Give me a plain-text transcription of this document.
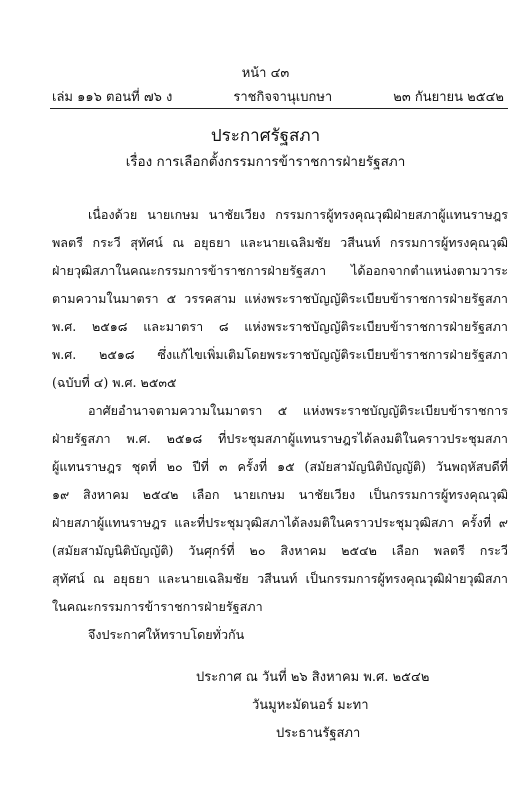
หน้า ๔๓
เล่ม ๑๑๖ ตอนที่ ๗๖ ง	ราชกิจจานุเบกษา	๒๓ กันยายน ๒๕๔๒
ประกาศรัฐสภา
เรื่อง การเลือกตั้งกรรมการข้าราชการฝ่ายรัฐสภา
เนื่องด้วย นายเกษม นาชัยเวียง กรรมการผู้ทรงคุณวุฒิฝ่ายสภาผู้แทนราษฎร
พลตรี กระวี สุทัศน์ ณ อยุธยา และนายเฉลิมชัย วสีนนท์ กรรมการผู้ทรงคุณวุฒิ
ฝ่ายวุฒิสภาในคณะกรรมการข้าราชการฝ่ายรัฐสภา ได้ออกจากตำแหน่งตามวาระ
ตามความในมาตรา ๕ วรรคสาม แห่งพระราชบัญญัติระเบียบข้าราชการฝ่ายรัฐสภา
พ.ศ. ๒๕๑๘ และมาตรา ๘ แห่งพระราชบัญญัติระเบียบข้าราชการฝ่ายรัฐสภา
พ.ศ. ๒๕๑๘ ซึ่งแก้ไขเพิ่มเติมโดยพระราชบัญญัติระเบียบข้าราชการฝ่ายรัฐสภา
(ฉบับที่ ๔) พ.ศ. ๒๕๓๕
อาศัยอำนาจตามความในมาตรา ๕ แห่งพระราชบัญญัติระเบียบข้าราชการ
ฝ่ายรัฐสภา พ.ศ. ๒๕๑๘ ที่ประชุมสภาผู้แทนราษฎรได้ลงมติในคราวประชุมสภา
ผู้แทนราษฎร ชุดที่ ๒๐ ปีที่ ๓ ครั้งที่ ๑๕ (สมัยสามัญนิติบัญญัติ) วันพฤหัสบดีที่
๑๙ สิงหาคม ๒๕๔๒ เลือก นายเกษม นาชัยเวียง เป็นกรรมการผู้ทรงคุณวุฒิ
ฝ่ายสภาผู้แทนราษฎร และที่ประชุมวุฒิสภาได้ลงมติในคราวประชุมวุฒิสภา ครั้งที่ ๙
(สมัยสามัญนิติบัญญัติ) วันศุกร์ที่ ๒๐ สิงหาคม ๒๕๔๒ เลือก พลตรี กระวี
สุทัศน์ ณ อยุธยา และนายเฉลิมชัย วสีนนท์ เป็นกรรมการผู้ทรงคุณวุฒิฝ่ายวุฒิสภา
ในคณะกรรมการข้าราชการฝ่ายรัฐสภา
จึงประกาศให้ทราบโดยทั่วกัน
ประกาศ ณ วันที่ ๒๖ สิงหาคม พ.ศ. ๒๕๔๒
วันมูหะมัดนอร์ มะทา
ประธานรัฐสภา
